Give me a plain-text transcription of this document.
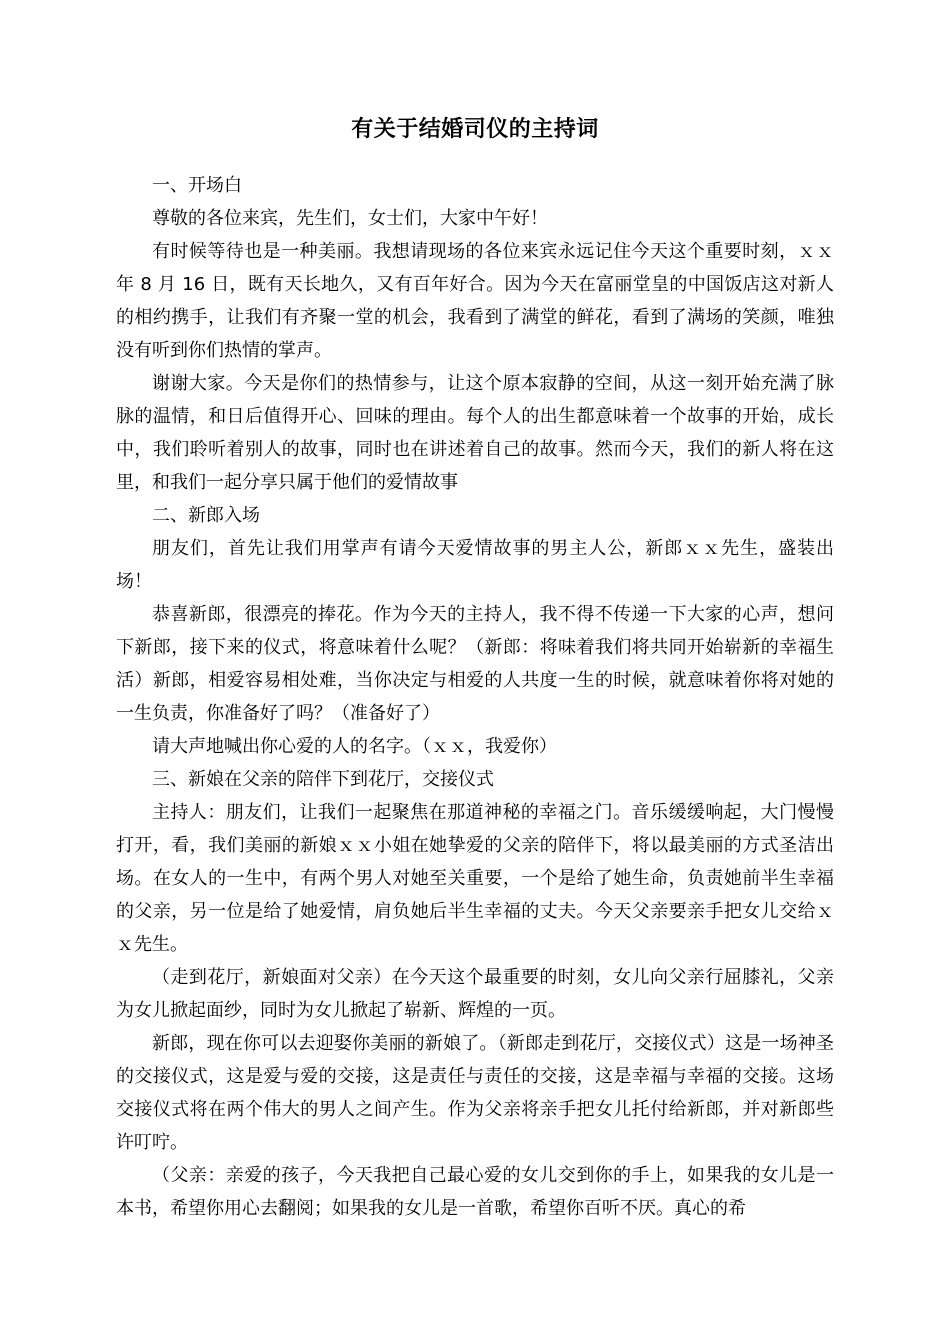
有关于结婚司仪的主持词

一、开场白

尊敬的各位来宾，先生们，女士们，大家中午好！

有时候等待也是一种美丽。我想请现场的各位来宾永远记住今天这个重要时刻，ｘｘ年 8 月 16 日，既有天长地久，又有百年好合。因为今天在富丽堂皇的中国饭店这对新人的相约携手，让我们有齐聚一堂的机会，我看到了满堂的鲜花，看到了满场的笑颜，唯独没有听到你们热情的掌声。

谢谢大家。今天是你们的热情参与，让这个原本寂静的空间，从这一刻开始充满了脉脉的温情，和日后值得开心、回味的理由。每个人的出生都意味着一个故事的开始，成长中，我们聆听着别人的故事，同时也在讲述着自己的故事。然而今天，我们的新人将在这里，和我们一起分享只属于他们的爱情故事

二、新郎入场

朋友们，首先让我们用掌声有请今天爱情故事的男主人公，新郎ｘｘ先生，盛装出场！

恭喜新郎，很漂亮的捧花。作为今天的主持人，我不得不传递一下大家的心声，想问下新郎，接下来的仪式，将意味着什么呢？（新郎：将味着我们将共同开始崭新的幸福生活）新郎，相爱容易相处难，当你决定与相爱的人共度一生的时候，就意味着你将对她的一生负责，你准备好了吗？（准备好了）

请大声地喊出你心爱的人的名字。（ｘｘ，我爱你）

三、新娘在父亲的陪伴下到花厅，交接仪式

主持人：朋友们，让我们一起聚焦在那道神秘的幸福之门。音乐缓缓响起，大门慢慢打开，看，我们美丽的新娘ｘｘ小姐在她挚爱的父亲的陪伴下，将以最美丽的方式圣洁出场。在女人的一生中，有两个男人对她至关重要，一个是给了她生命，负责她前半生幸福的父亲，另一位是给了她爱情，肩负她后半生幸福的丈夫。今天父亲要亲手把女儿交给ｘｘ先生。

（走到花厅，新娘面对父亲）在今天这个最重要的时刻，女儿向父亲行屈膝礼，父亲为女儿掀起面纱，同时为女儿掀起了崭新、辉煌的一页。

新郎，现在你可以去迎娶你美丽的新娘了。（新郎走到花厅，交接仪式）这是一场神圣的交接仪式，这是爱与爱的交接，这是责任与责任的交接，这是幸福与幸福的交接。这场交接仪式将在两个伟大的男人之间产生。作为父亲将亲手把女儿托付给新郎，并对新郎些许叮咛。

（父亲：亲爱的孩子，今天我把自己最心爱的女儿交到你的手上，如果我的女儿是一本书，希望你用心去翻阅；如果我的女儿是一首歌，希望你百听不厌。真心的希
